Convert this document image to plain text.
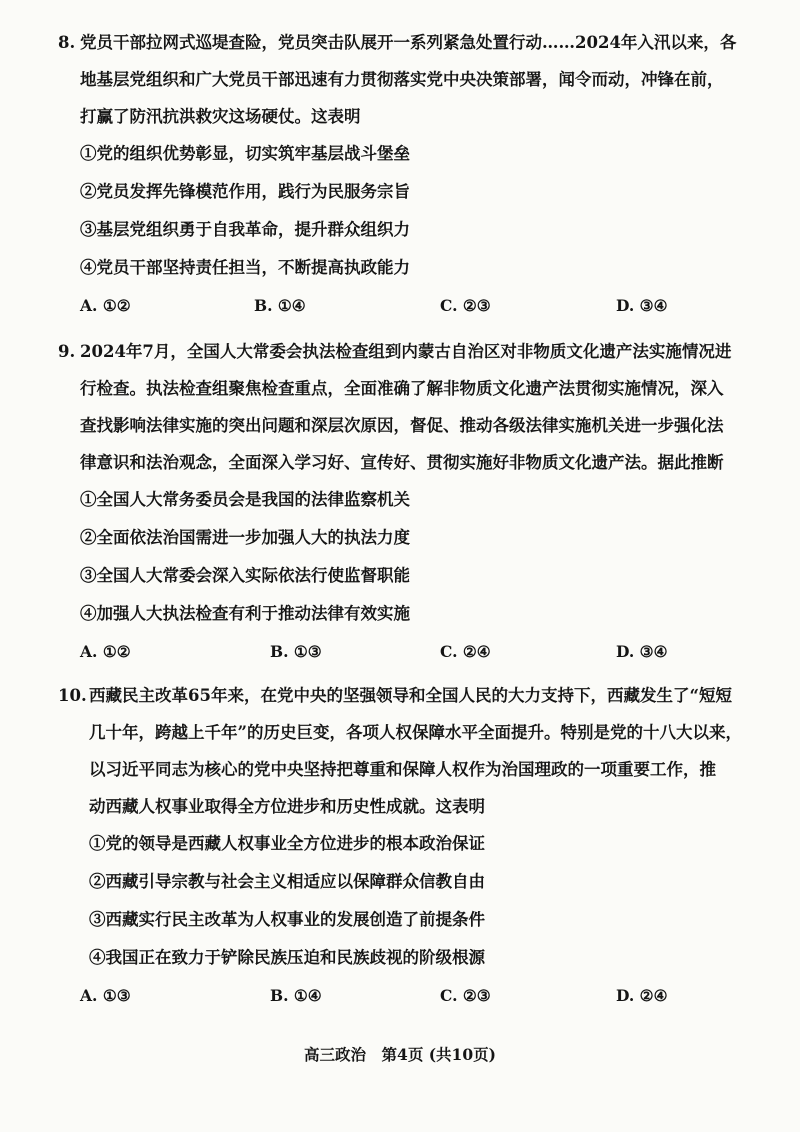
8. 党员干部拉网式巡堤查险，党员突击队展开一系列紧急处置行动……2024年入汛以来，各
地基层党组织和广大党员干部迅速有力贯彻落实党中央决策部署，闻令而动，冲锋在前，
打赢了防汛抗洪救灾这场硬仗。这表明
①党的组织优势彰显，切实筑牢基层战斗堡垒
②党员发挥先锋模范作用，践行为民服务宗旨
③基层党组织勇于自我革命，提升群众组织力
④党员干部坚持责任担当，不断提高执政能力
A. ①②	B. ①④	C. ②③	D. ③④
9. 2024年7月，全国人大常委会执法检查组到内蒙古自治区对非物质文化遗产法实施情况进
行检查。执法检查组聚焦检查重点，全面准确了解非物质文化遗产法贯彻实施情况，深入
查找影响法律实施的突出问题和深层次原因，督促、推动各级法律实施机关进一步强化法
律意识和法治观念，全面深入学习好、宣传好、贯彻实施好非物质文化遗产法。据此推断
①全国人大常务委员会是我国的法律监察机关
②全面依法治国需进一步加强人大的执法力度
③全国人大常委会深入实际依法行使监督职能
④加强人大执法检查有利于推动法律有效实施
A. ①②	B. ①③	C. ②④	D. ③④
10. 西藏民主改革65年来，在党中央的坚强领导和全国人民的大力支持下，西藏发生了“短短
几十年，跨越上千年”的历史巨变，各项人权保障水平全面提升。特别是党的十八大以来，
以习近平同志为核心的党中央坚持把尊重和保障人权作为治国理政的一项重要工作，推
动西藏人权事业取得全方位进步和历史性成就。这表明
①党的领导是西藏人权事业全方位进步的根本政治保证
②西藏引导宗教与社会主义相适应以保障群众信教自由
③西藏实行民主改革为人权事业的发展创造了前提条件
④我国正在致力于铲除民族压迫和民族歧视的阶级根源
A. ①③	B. ①④	C. ②③	D. ②④
高三政治　第4页 (共10页)
